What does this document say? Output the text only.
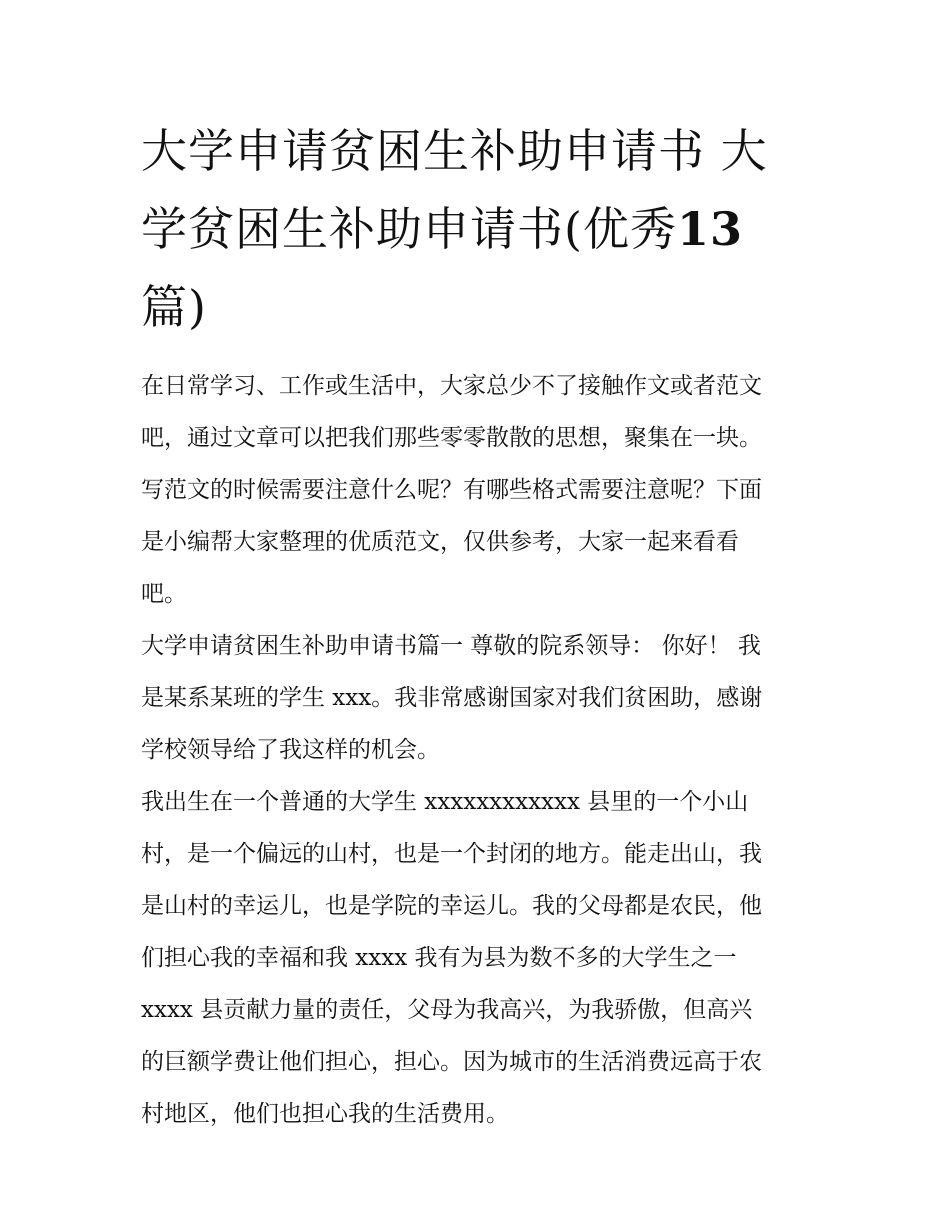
大学申请贫困生补助申请书 大
学贫困生补助申请书(优秀13
篇)

在日常学习、工作或生活中，大家总少不了接触作文或者范文
吧，通过文章可以把我们那些零零散散的思想，聚集在一块。
写范文的时候需要注意什么呢？有哪些格式需要注意呢？下面
是小编帮大家整理的优质范文，仅供参考，大家一起来看看
吧。

大学申请贫困生补助申请书篇一 尊敬的院系领导： 你好！ 我
是某系某班的学生 xxx。我非常感谢国家对我们贫困助，感谢
学校领导给了我这样的机会。

我出生在一个普通的大学生 xxxxxxxxxxxx 县里的一个小山
村，是一个偏远的山村，也是一个封闭的地方。能走出山，我
是山村的幸运儿，也是学院的幸运儿。我的父母都是农民，他
们担心我的幸福和我 xxxx 我有为县为数不多的大学生之一
xxxx 县贡献力量的责任，父母为我高兴，为我骄傲，但高兴
的巨额学费让他们担心，担心。因为城市的生活消费远高于农
村地区，他们也担心我的生活费用。
